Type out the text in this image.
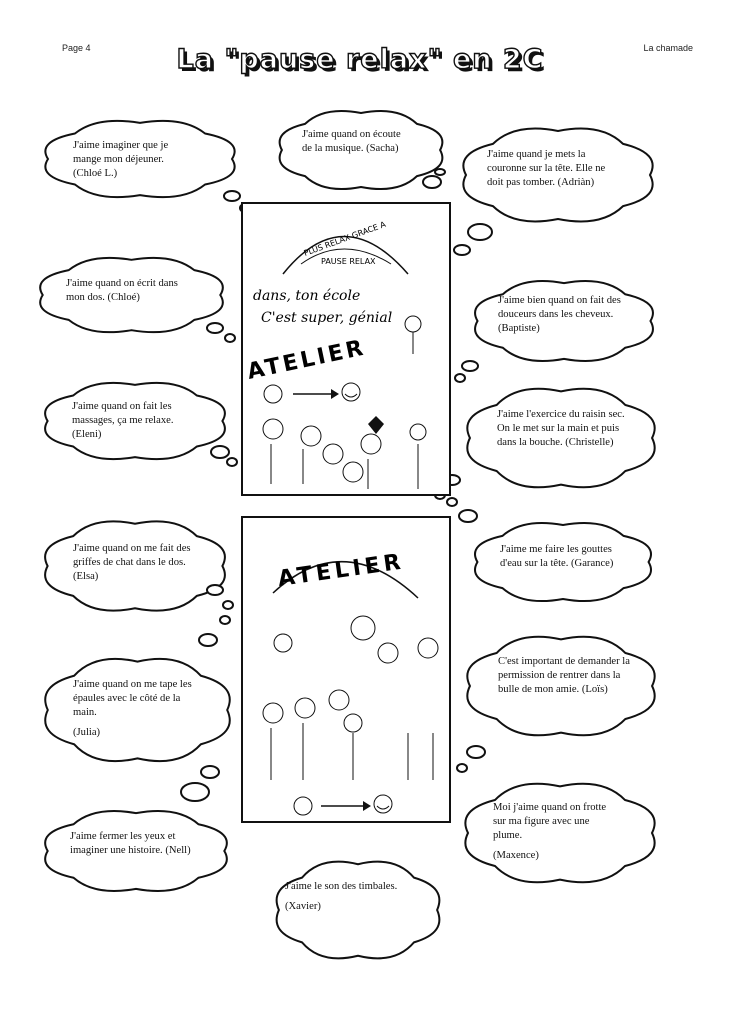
Page 4	La chamade
La "pause relax" en 2C
PLUS RELAX GRACE A
PAUSE RELAX
dans, ton école
C'est super, génial
ATELIER
ATELIER

J'aime imaginer que je mange mon déjeuner. (Chloé L.)

J'aime quand on écoute de la musique. (Sacha)

J'aime quand je mets la couronne sur la tête. Elle ne doit pas tomber. (Adriàn)

J'aime quand on écrit dans mon dos. (Chloé)	J'aime bien quand on fait des douceurs dans les cheveux. (Baptiste)

J'aime quand on fait les massages, ça me relaxe. (Eleni)

J'aime l'exercice du raisin sec. On le met sur la main et puis dans la bouche. (Christelle)

J'aime quand on me fait des griffes de chat dans le dos. (Elsa)

J'aime me faire les gouttes d'eau sur la tête. (Garance)

J'aime quand on me tape les épaules avec le côté de la main.

(Julia)

C'est important de demander la permission de rentrer dans la bulle de mon amie. (Loïs)

J'aime fermer les yeux et imaginer une histoire. (Nell)

Moi j'aime quand on frotte sur ma figure avec une plume.

(Maxence)

J'aime le son des timbales.

(Xavier)
